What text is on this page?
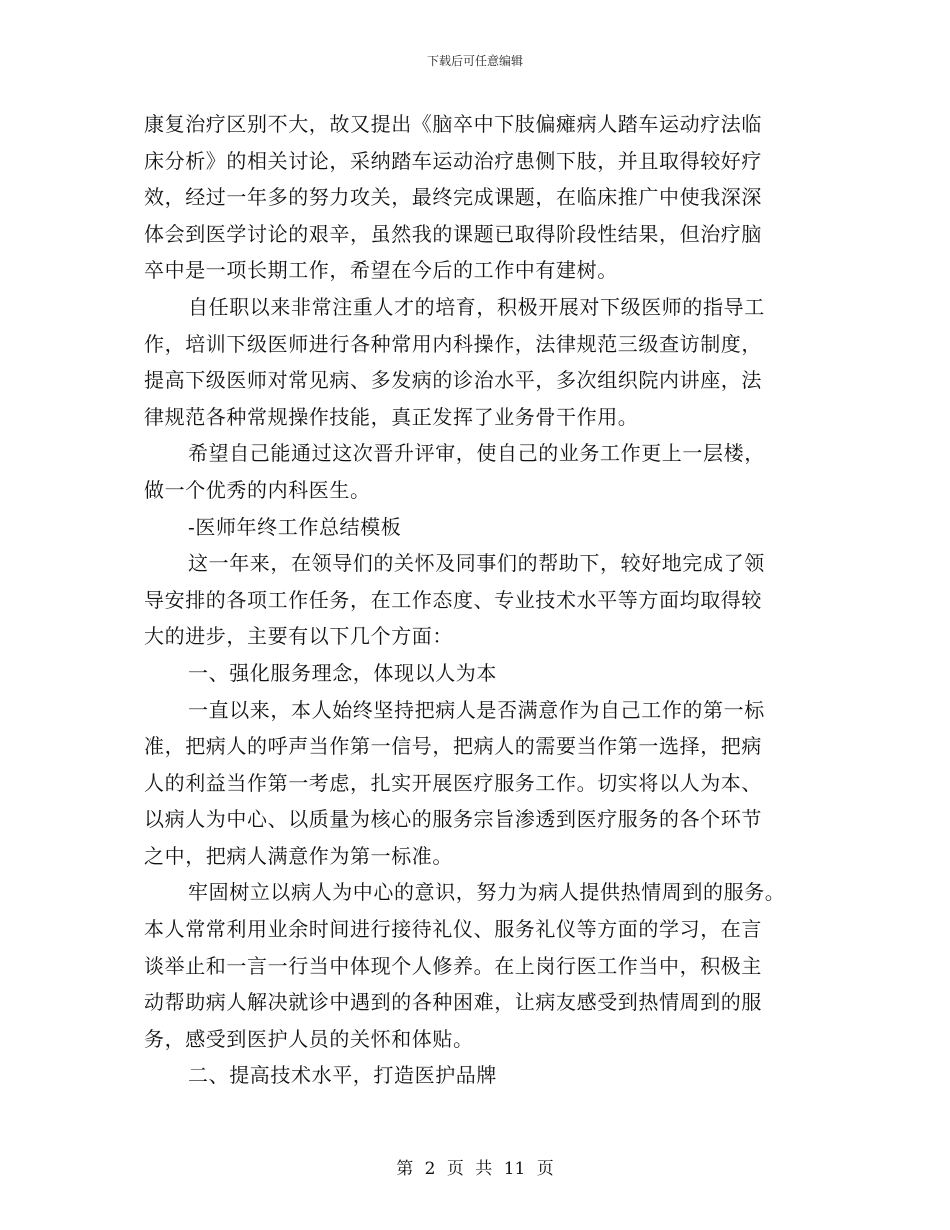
下载后可任意编辑
康复治疗区别不大，故又提出《脑卒中下肢偏瘫病人踏车运动疗法临
床分析》的相关讨论，采纳踏车运动治疗患侧下肢，并且取得较好疗
效，经过一年多的努力攻关，最终完成课题，在临床推广中使我深深
体会到医学讨论的艰辛，虽然我的课题已取得阶段性结果，但治疗脑
卒中是一项长期工作，希望在今后的工作中有建树。
自任职以来非常注重人才的培育，积极开展对下级医师的指导工
作，培训下级医师进行各种常用内科操作，法律规范三级查访制度，
提高下级医师对常见病、多发病的诊治水平，多次组织院内讲座，法
律规范各种常规操作技能，真正发挥了业务骨干作用。
希望自己能通过这次晋升评审，使自己的业务工作更上一层楼，
做一个优秀的内科医生。
-医师年终工作总结模板
这一年来，在领导们的关怀及同事们的帮助下，较好地完成了领
导安排的各项工作任务，在工作态度、专业技术水平等方面均取得较
大的进步，主要有以下几个方面：
一、强化服务理念，体现以人为本
一直以来，本人始终坚持把病人是否满意作为自己工作的第一标
准，把病人的呼声当作第一信号，把病人的需要当作第一选择，把病
人的利益当作第一考虑，扎实开展医疗服务工作。切实将以人为本、
以病人为中心、以质量为核心的服务宗旨渗透到医疗服务的各个环节
之中，把病人满意作为第一标准。
牢固树立以病人为中心的意识，努力为病人提供热情周到的服务。
本人常常利用业余时间进行接待礼仪、服务礼仪等方面的学习，在言
谈举止和一言一行当中体现个人修养。在上岗行医工作当中，积极主
动帮助病人解决就诊中遇到的各种困难，让病友感受到热情周到的服
务，感受到医护人员的关怀和体贴。
二、提高技术水平，打造医护品牌
第 2 页 共 11 页
